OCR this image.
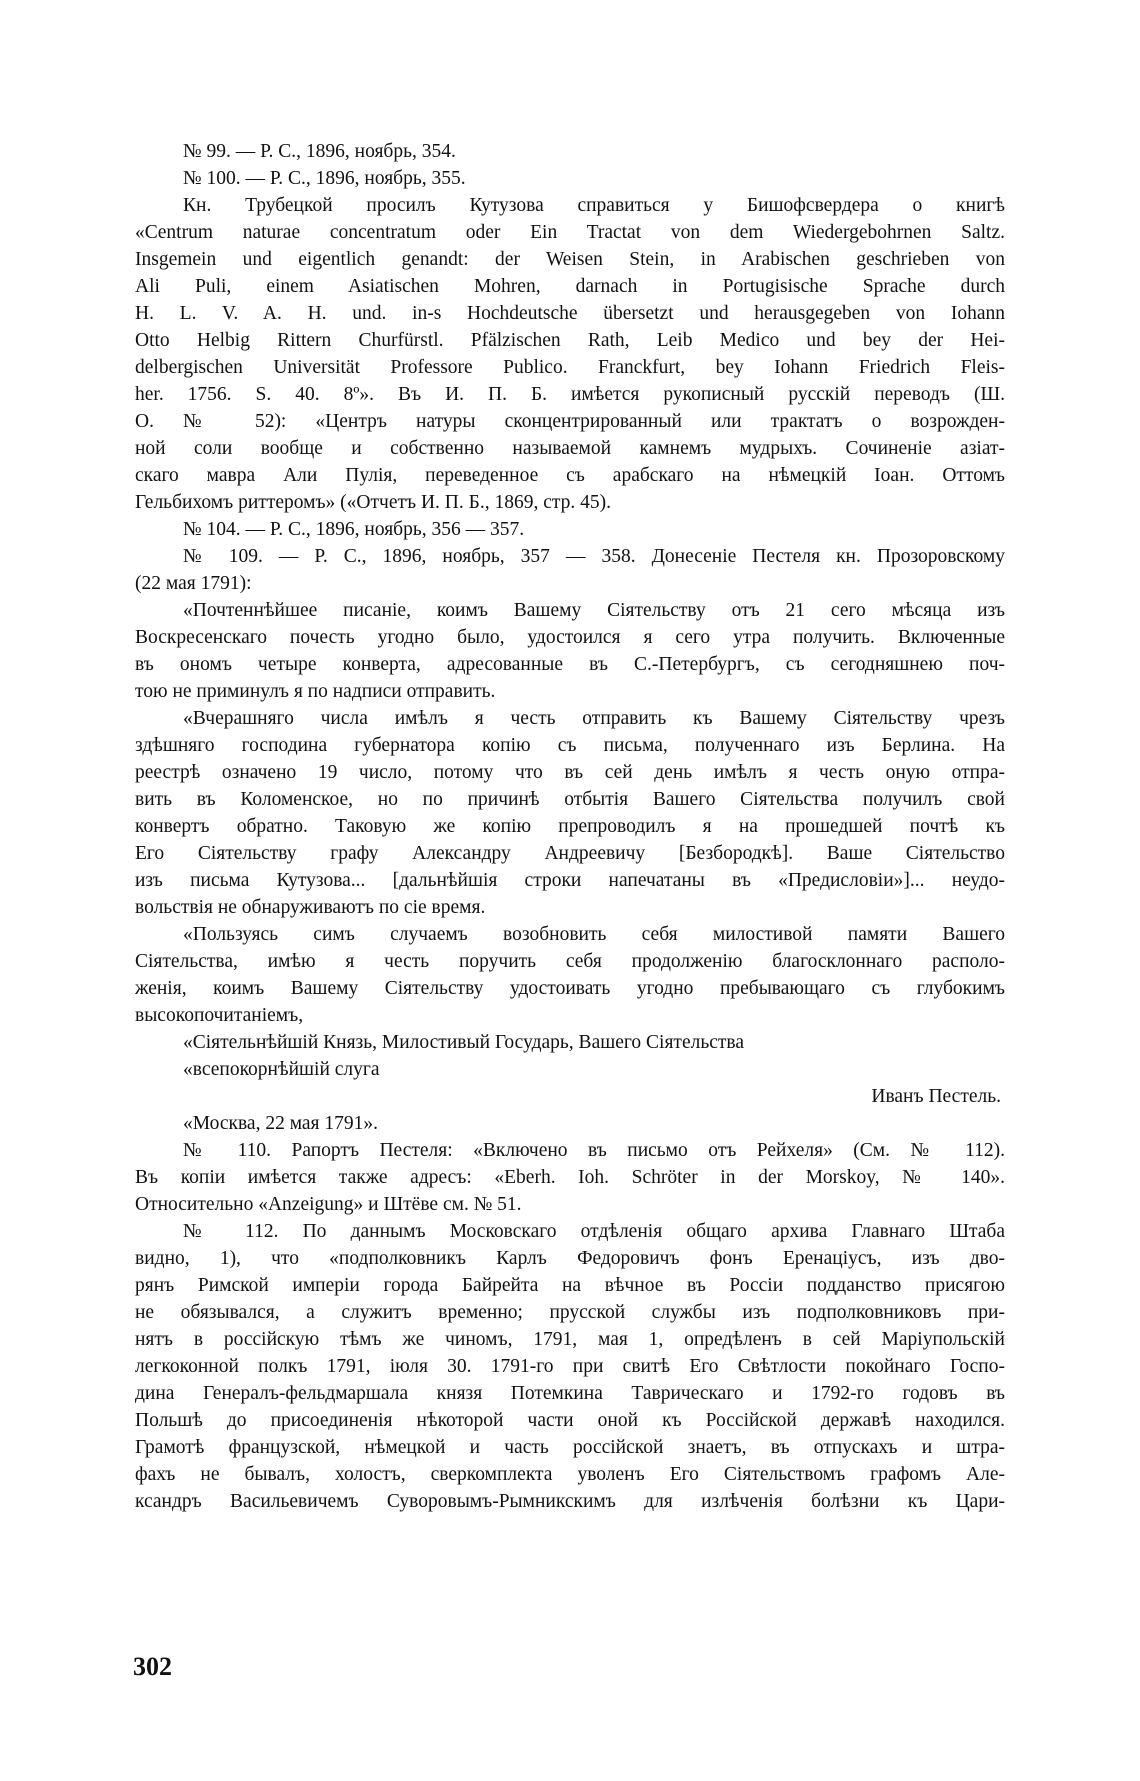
№ 99. — Р. С., 1896, ноябрь, 354.
№ 100. — Р. С., 1896, ноябрь, 355.
Кн. Трубецкой просилъ Кутузова справиться у Бишофсвердера о книгѣ
«Centrum naturae concentratum oder Ein Tractat von dem Wiedergebohrnen Saltz.
Insgemein und eigentlich genandt: der Weisen Stein, in Arabischen geschrieben von
Ali Puli, einem Asiatischen Mohren, darnach in Portugisische Sprache durch
H. L. V. A. H. und. in-s Hochdeutsche übersetzt und herausgegeben von Iohann
Otto Helbig Rittern Churfürstl. Pfälzischen Rath, Leib Medico und bey der Hei-
delbergischen Universität Professore Publico. Franckfurt, bey Iohann Friedrich Fleis-
her. 1756. S. 40. 8º». Въ И. П. Б. имѣется рукописный русскій переводъ (Ш.
О. № 52): «Центръ натуры сконцентрированный или трактатъ о возрожден-
ной соли вообще и собственно называемой камнемъ мудрыхъ. Сочиненіе азіат-
скаго мавра Али Пулія, переведенное съ арабскаго на нѣмецкій Іоан. Оттомъ
Гельбихомъ риттеромъ» («Отчетъ И. П. Б., 1869, стр. 45).
№ 104. — Р. С., 1896, ноябрь, 356 — 357.
№ 109. — Р. С., 1896, ноябрь, 357 — 358. Донесеніе Пестеля кн. Прозоровскому
(22 мая 1791):
«Почтеннѣйшее писаніе, коимъ Вашему Сіятельству отъ 21 сего мѣсяца изъ
Воскресенскаго почесть угодно было, удостоился я сего утра получить. Включенные
въ ономъ четыре конверта, адресованные въ С.-Петербургъ, съ сегодняшнею поч-
тою не приминулъ я по надписи отправить.
«Вчерашняго числа имѣлъ я честь отправить къ Вашему Сіятельству чрезъ
здѣшняго господина губернатора копію съ письма, полученнаго изъ Берлина. На
реестрѣ означено 19 число, потому что въ сей день имѣлъ я честь оную отпра-
вить въ Коломенское, но по причинѣ отбытія Вашего Сіятельства получилъ свой
конвертъ обратно. Таковую же копію препроводилъ я на прошедшей почтѣ къ
Его Сіятельству графу Александру Андреевичу [Безбородкѣ]. Ваше Сіятельство
изъ письма Кутузова... [дальнѣйшія строки напечатаны въ «Предисловіи»]... неудо-
вольствія не обнаруживаютъ по сіе время.
«Пользуясь симъ случаемъ возобновить себя милостивой памяти Вашего
Сіятельства, имѣю я честь поручить себя продолженію благосклоннаго располо-
женія, коимъ Вашему Сіятельству удостоивать угодно пребывающаго съ глубокимъ
высокопочитаніемъ,
«Сіятельнѣйшій Князь, Милостивый Государь, Вашего Сіятельства
«всепокорнѣйшій слуга
Иванъ Пестель.
«Москва, 22 мая 1791».
№ 110. Рапортъ Пестеля: «Включено въ письмо отъ Рейхеля» (См. № 112).
Въ копіи имѣется также адресъ: «Eberh. Ioh. Schröter in der Morskoy, № 140».
Относительно «Anzeigung» и Штёве см. № 51.
№ 112. По даннымъ Московскаго отдѣленія общаго архива Главнаго Штаба
видно, 1), что «подполковникъ Карлъ Федоровичъ фонъ Еренаціусъ, изъ дво-
рянъ Римской имперіи города Байрейта на вѣчное въ Россіи подданство присягою
не обязывался, а служитъ временно; прусской службы изъ подполковниковъ при-
нятъ в россійскую тѣмъ же чиномъ, 1791, мая 1, опредѣленъ в сей Маріупольскій
легкоконной полкъ 1791, іюля 30. 1791-го при свитѣ Его Свѣтлости покойнаго Госпо-
дина Генералъ-фельдмаршала князя Потемкина Таврическаго и 1792-го годовъ въ
Польшѣ до присоединенія нѣкоторой части оной къ Россійской державѣ находился.
Грамотѣ французской, нѣмецкой и часть россійской знаетъ, въ отпускахъ и штра-
фахъ не бывалъ, холостъ, сверкомплекта уволенъ Его Сіятельствомъ графомъ Але-
ксандръ Васильевичемъ Суворовымъ-Рымникскимъ для излѣченія болѣзни къ Цари-
302
